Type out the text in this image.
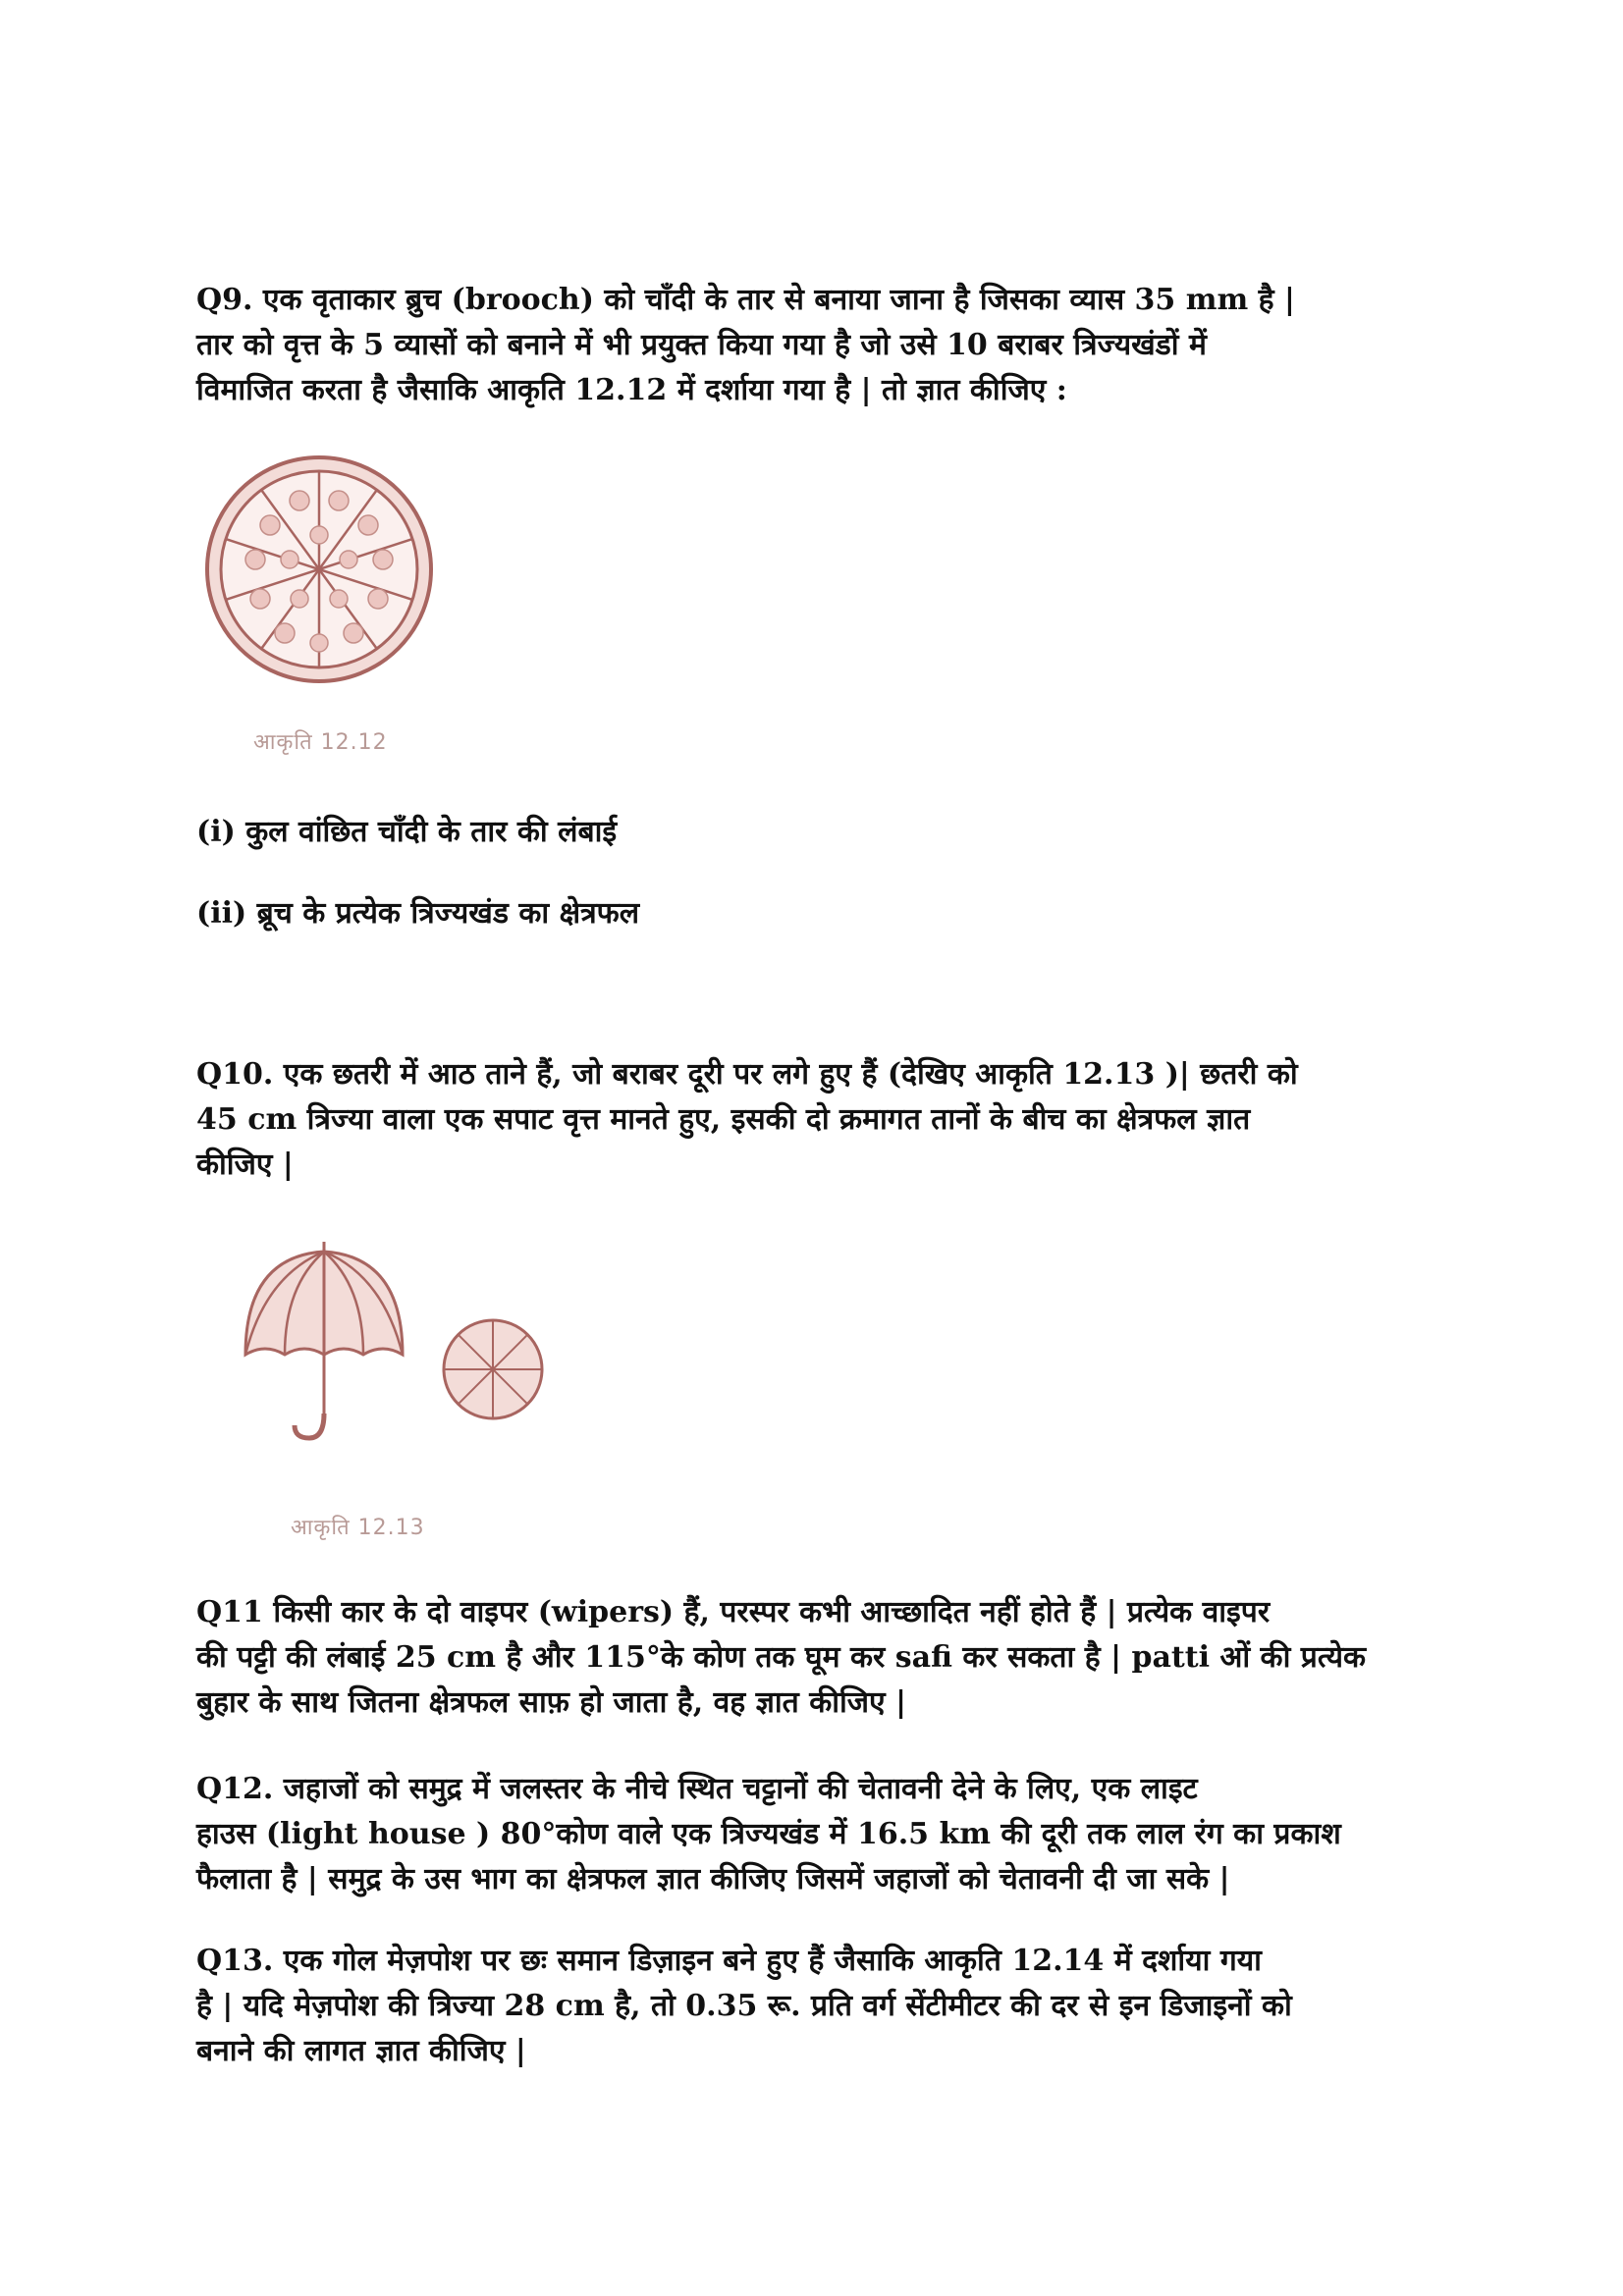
Q9. एक वृताकार ब्रुच (brooch) को चाँदी के तार से बनाया जाना है जिसका व्यास 35 mm है |
तार को वृत्त के 5 व्यासों को बनाने में भी प्रयुक्त किया गया है जो उसे 10 बराबर त्रिज्यखंडों में
विमाजित करता है जैसाकि आकृति 12.12 में दर्शाया गया है | तो ज्ञात कीजिए :
आकृति 12.12
(i) कुल वांछित चाँदी के तार की लंबाई
(ii) ब्रूच के प्रत्येक त्रिज्यखंड का क्षेत्रफल
Q10. एक छतरी में आठ ताने हैं, जो बराबर दूरी पर लगे हुए हैं (देखिए आकृति 12.13 )| छतरी को
45 cm त्रिज्या वाला एक सपाट वृत्त मानते हुए, इसकी दो क्रमागत तानों के बीच का क्षेत्रफल ज्ञात
कीजिए |
आकृति 12.13
Q11 किसी कार के दो वाइपर (wipers) हैं, परस्पर कभी आच्छादित नहीं होते हैं | प्रत्येक वाइपर
की पट्टी की लंबाई 25 cm है और 115°के कोण तक घूम कर safi कर सकता है | patti ओं की प्रत्येक
बुहार के साथ जितना क्षेत्रफल साफ़ हो जाता है, वह ज्ञात कीजिए |
Q12. जहाजों को समुद्र में जलस्तर के नीचे स्थित चट्टानों की चेतावनी देने के लिए, एक लाइट
हाउस (light house ) 80°कोण वाले एक त्रिज्यखंड में 16.5 km की दूरी तक लाल रंग का प्रकाश
फैलाता है | समुद्र के उस भाग का क्षेत्रफल ज्ञात कीजिए जिसमें जहाजों को चेतावनी दी जा सके |
Q13. एक गोल मेज़पोश पर छः समान डिज़ाइन बने हुए हैं जैसाकि आकृति 12.14 में दर्शाया गया
है | यदि मेज़पोश की त्रिज्या 28 cm है, तो 0.35 रू. प्रति वर्ग सेंटीमीटर की दर से इन डिजाइनों को
बनाने की लागत ज्ञात कीजिए |
